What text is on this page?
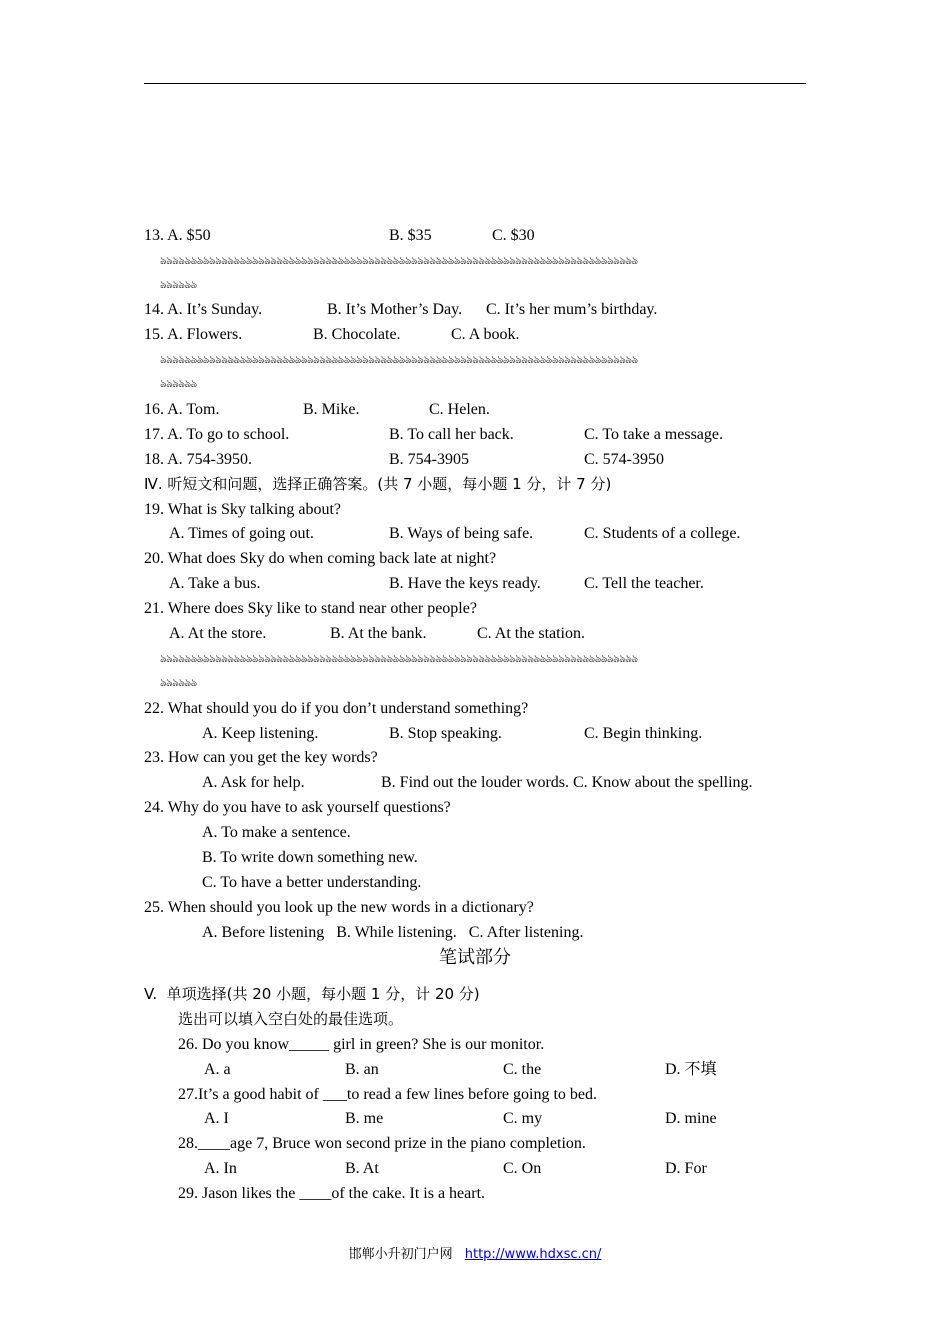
13. A. $50	B. $35	C. $30
ঌঌঌঌঌঌঌঌঌঌঌঌঌঌঌঌঌঌঌঌঌঌঌঌঌঌঌঌঌঌঌঌঌঌঌঌঌঌঌঌঌঌঌঌঌঌঌঌঌঌঌঌঌঌঌঌঌঌঌঌঌঌঌঌঌঌঌঌঌঌঌঌঌঌঌঌঌঌ
ঌঌঌঌঌঌ
14. A. It’s Sunday.	B. It’s Mother’s Day. C. It’s her mum’s birthday.
15. A. Flowers.	B. Chocolate.	C. A book.
ঌঌঌঌঌঌঌঌঌঌঌঌঌঌঌঌঌঌঌঌঌঌঌঌঌঌঌঌঌঌঌঌঌঌঌঌঌঌঌঌঌঌঌঌঌঌঌঌঌঌঌঌঌঌঌঌঌঌঌঌঌঌঌঌঌঌঌঌঌঌঌঌঌঌঌঌঌঌ
ঌঌঌঌঌঌ
16. A. Tom.	B. Mike.	C. Helen.
17. A. To go to school.	B. To call her back.	C. To take a message.
18. A. 754-3950.	B. 754-3905	C. 574-3950
Ⅳ. 听短文和问题，选择正确答案。(共 7 小题，每小题 1 分，计 7 分)
19. What is Sky talking about?
A. Times of going out.	B. Ways of being safe.	C. Students of a college.
20. What does Sky do when coming back late at night?
A. Take a bus.	B. Have the keys ready.	C. Tell the teacher.
21. Where does Sky like to stand near other people?
A. At the store.	B. At the bank.	C. At the station.
ঌঌঌঌঌঌঌঌঌঌঌঌঌঌঌঌঌঌঌঌঌঌঌঌঌঌঌঌঌঌঌঌঌঌঌঌঌঌঌঌঌঌঌঌঌঌঌঌঌঌঌঌঌঌঌঌঌঌঌঌঌঌঌঌঌঌঌঌঌঌঌঌঌঌঌঌঌঌ
ঌঌঌঌঌঌ
22. What should you do if you don’t understand something?
A. Keep listening.	B. Stop speaking.	C. Begin thinking.
23. How can you get the key words?
A. Ask for help.	B. Find out the louder words. C. Know about the spelling.
24. Why do you have to ask yourself questions?
A. To make a sentence.
B. To write down something new.
C. To have a better understanding.
25. When should you look up the new words in a dictionary?
A. Before listening   B. While listening.   C. After listening.
笔试部分
V.  单项选择(共 20 小题，每小题 1 分，计 20 分)
选出可以填入空白处的最佳选项。
26. Do you know_____ girl in green? She is our monitor.
A. a	B. an	C. the	D. 不填
27.It’s a good habit of ___to read a few lines before going to bed.
A. I	B. me	C. my	D. mine
28.____age 7, Bruce won second prize in the piano completion.
A. In	B. At	C. On	D. For
29. Jason likes the ____of the cake. It is a heart.
邯郸小升初门户网 http://www.hdxsc.cn/
